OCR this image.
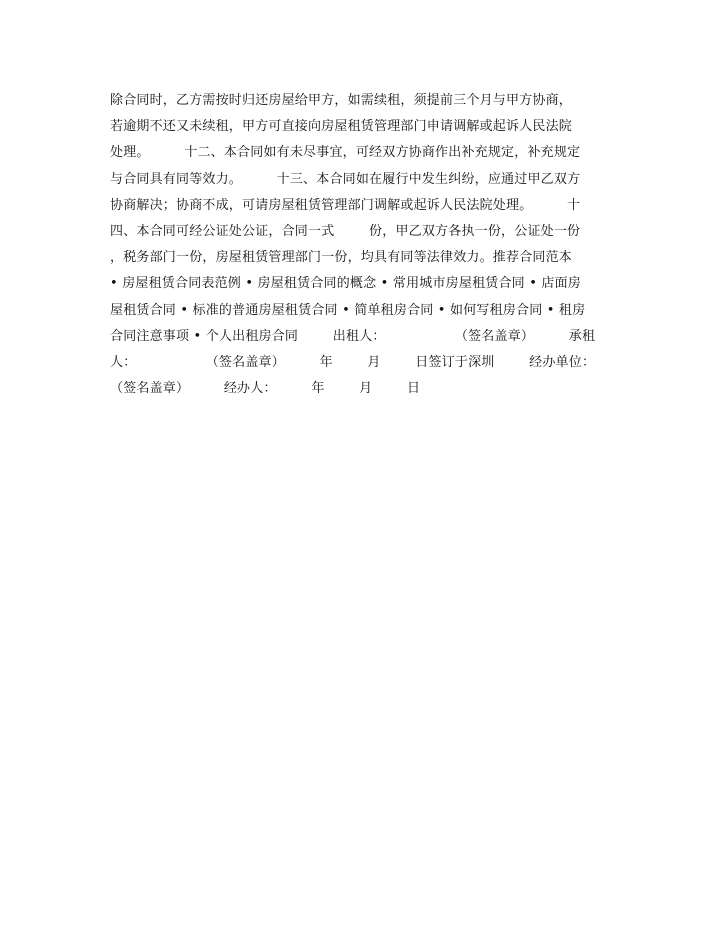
除合同时，乙方需按时归还房屋给甲方，如需续租，须提前三个月与甲方协商，
若逾期不还又未续租，甲方可直接向房屋租赁管理部门申请调解或起诉人民法院
处理。        十二、本合同如有未尽事宜，可经双方协商作出补充规定，补充规定
与合同具有同等效力。        十三、本合同如在履行中发生纠纷，应通过甲乙双方
协商解决；协商不成，可请房屋租赁管理部门调解或起诉人民法院处理。        十
四、本合同可经公证处公证，合同一式        份，甲乙双方各执一份，公证处一份
，税务部门一份，房屋租赁管理部门一份，均具有同等法律效力。推荐合同范本
• 房屋租赁合同表范例 • 房屋租赁合同的概念 • 常用城市房屋租赁合同 • 店面房
屋租赁合同 • 标准的普通房屋租赁合同 • 简单租房合同 • 如何写租房合同 • 租房
合同注意事项 • 个人出租房合同        出租人：                （签名盖章）        承租
人：                （签名盖章）        年        月        日签订于深圳        经办单位：
（签名盖章）        经办人：        年        月        日
